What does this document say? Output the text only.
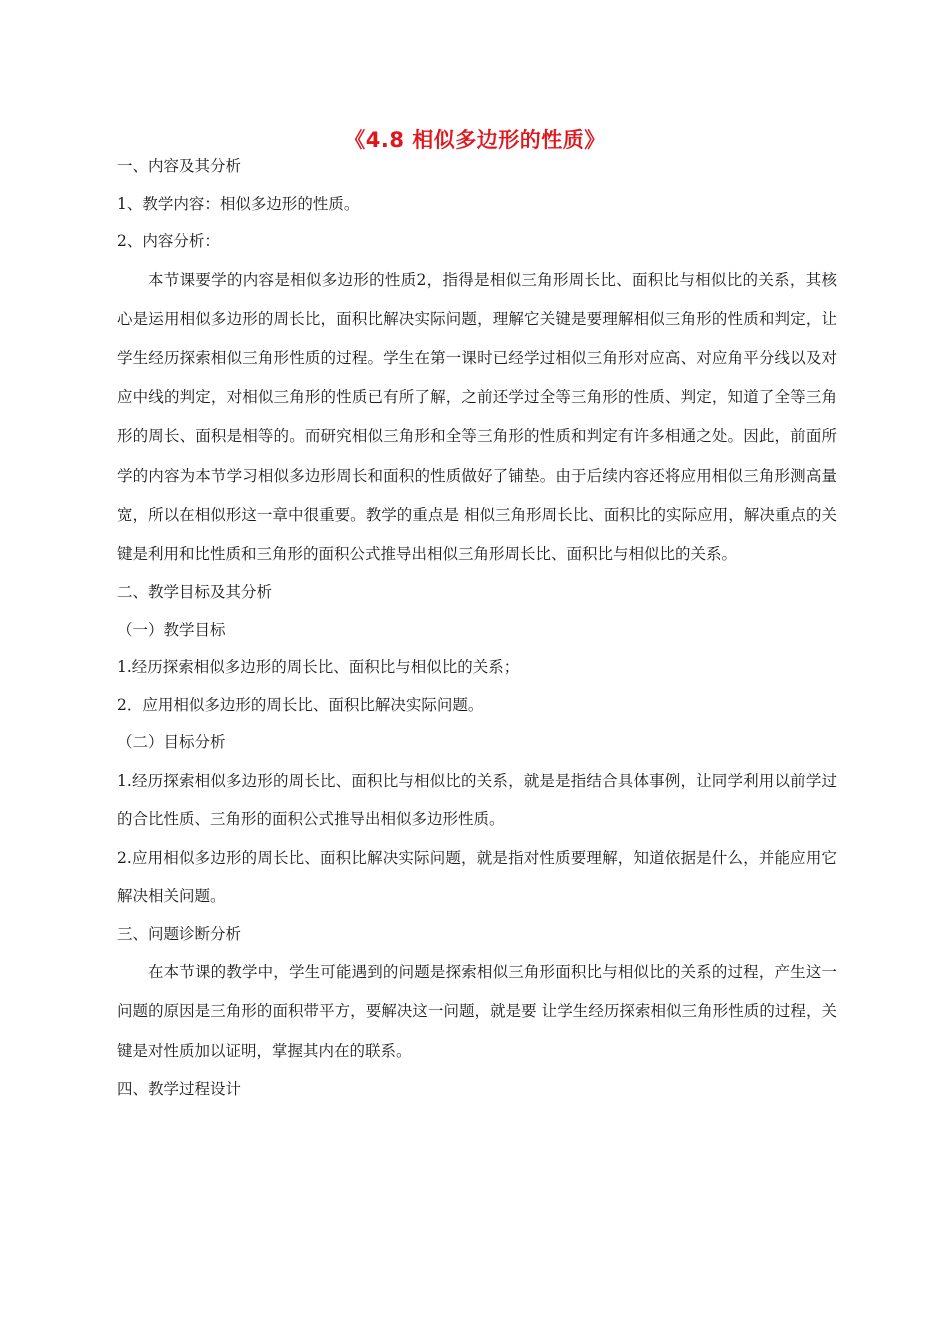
《4.8 相似多边形的性质》
一、内容及其分析
1、教学内容：相似多边形的性质。
2、内容分析：
本节课要学的内容是相似多边形的性质2，指得是相似三角形周长比、面积比与相似比的关系，其核心是运用相似多边形的周长比，面积比解决实际问题，理解它关键是要理解相似三角形的性质和判定，让学生经历探索相似三角形性质的过程。学生在第一课时已经学过相似三角形对应高、对应角平分线以及对应中线的判定，对相似三角形的性质已有所了解，之前还学过全等三角形的性质、判定，知道了全等三角形的周长、面积是相等的。而研究相似三角形和全等三角形的性质和判定有许多相通之处。因此，前面所学的内容为本节学习相似多边形周长和面积的性质做好了铺垫。由于后续内容还将应用相似三角形测高量宽，所以在相似形这一章中很重要。教学的重点是 相似三角形周长比、面积比的实际应用，解决重点的关键是利用和比性质和三角形的面积公式推导出相似三角形周长比、面积比与相似比的关系。
二、教学目标及其分析
（一）教学目标
1.经历探索相似多边形的周长比、面积比与相似比的关系；
2．应用相似多边形的周长比、面积比解决实际问题。
（二）目标分析
1.经历探索相似多边形的周长比、面积比与相似比的关系，就是是指结合具体事例，让同学利用以前学过的合比性质、三角形的面积公式推导出相似多边形性质。
2.应用相似多边形的周长比、面积比解决实际问题，就是指对性质要理解，知道依据是什么，并能应用它解决相关问题。
三、问题诊断分析
在本节课的教学中，学生可能遇到的问题是探索相似三角形面积比与相似比的关系的过程，产生这一问题的原因是三角形的面积带平方，要解决这一问题，就是要 让学生经历探索相似三角形性质的过程，关键是对性质加以证明，掌握其内在的联系。
四、教学过程设计
